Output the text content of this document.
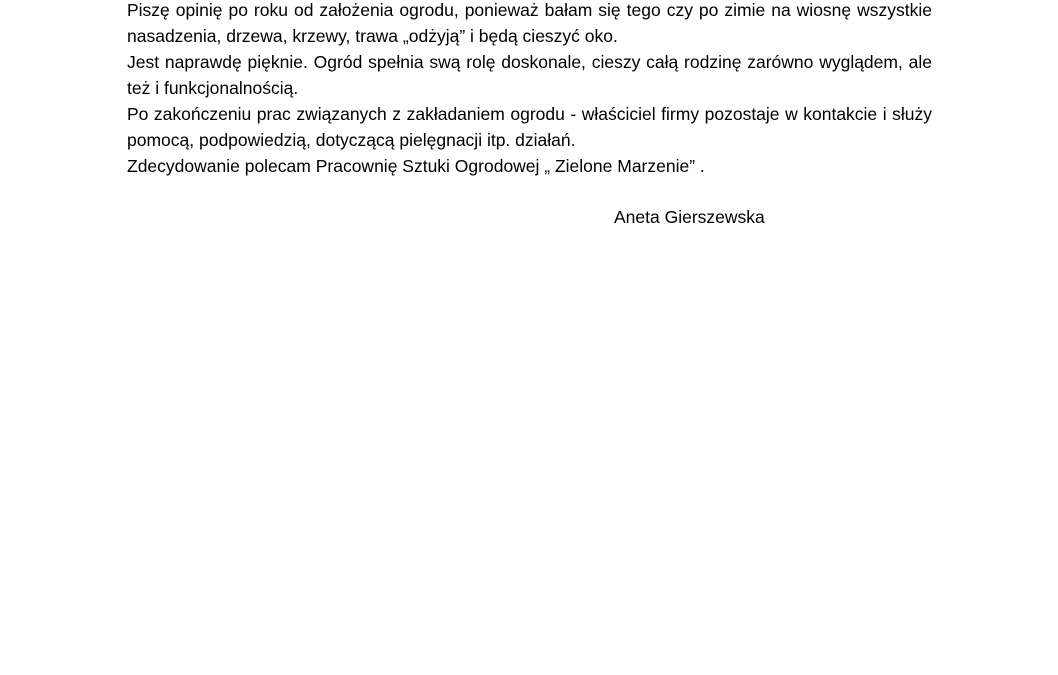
Piszę opinię po roku od założenia ogrodu, ponieważ bałam się tego czy po zimie na wiosnę wszystkie nasadzenia, drzewa, krzewy, trawa „odżyją” i będą cieszyć oko.

Jest naprawdę pięknie. Ogród spełnia swą rolę doskonale, cieszy całą rodzinę zarówno wyglądem, ale też i funkcjonalnością.

Po zakończeniu prac związanych z zakładaniem ogrodu - właściciel firmy pozostaje w kontakcie i służy pomocą, podpowiedzią, dotyczącą pielęgnacji itp. działań.

Zdecydowanie polecam Pracownię Sztuki Ogrodowej „ Zielone Marzenie” .

Aneta Gierszewska
